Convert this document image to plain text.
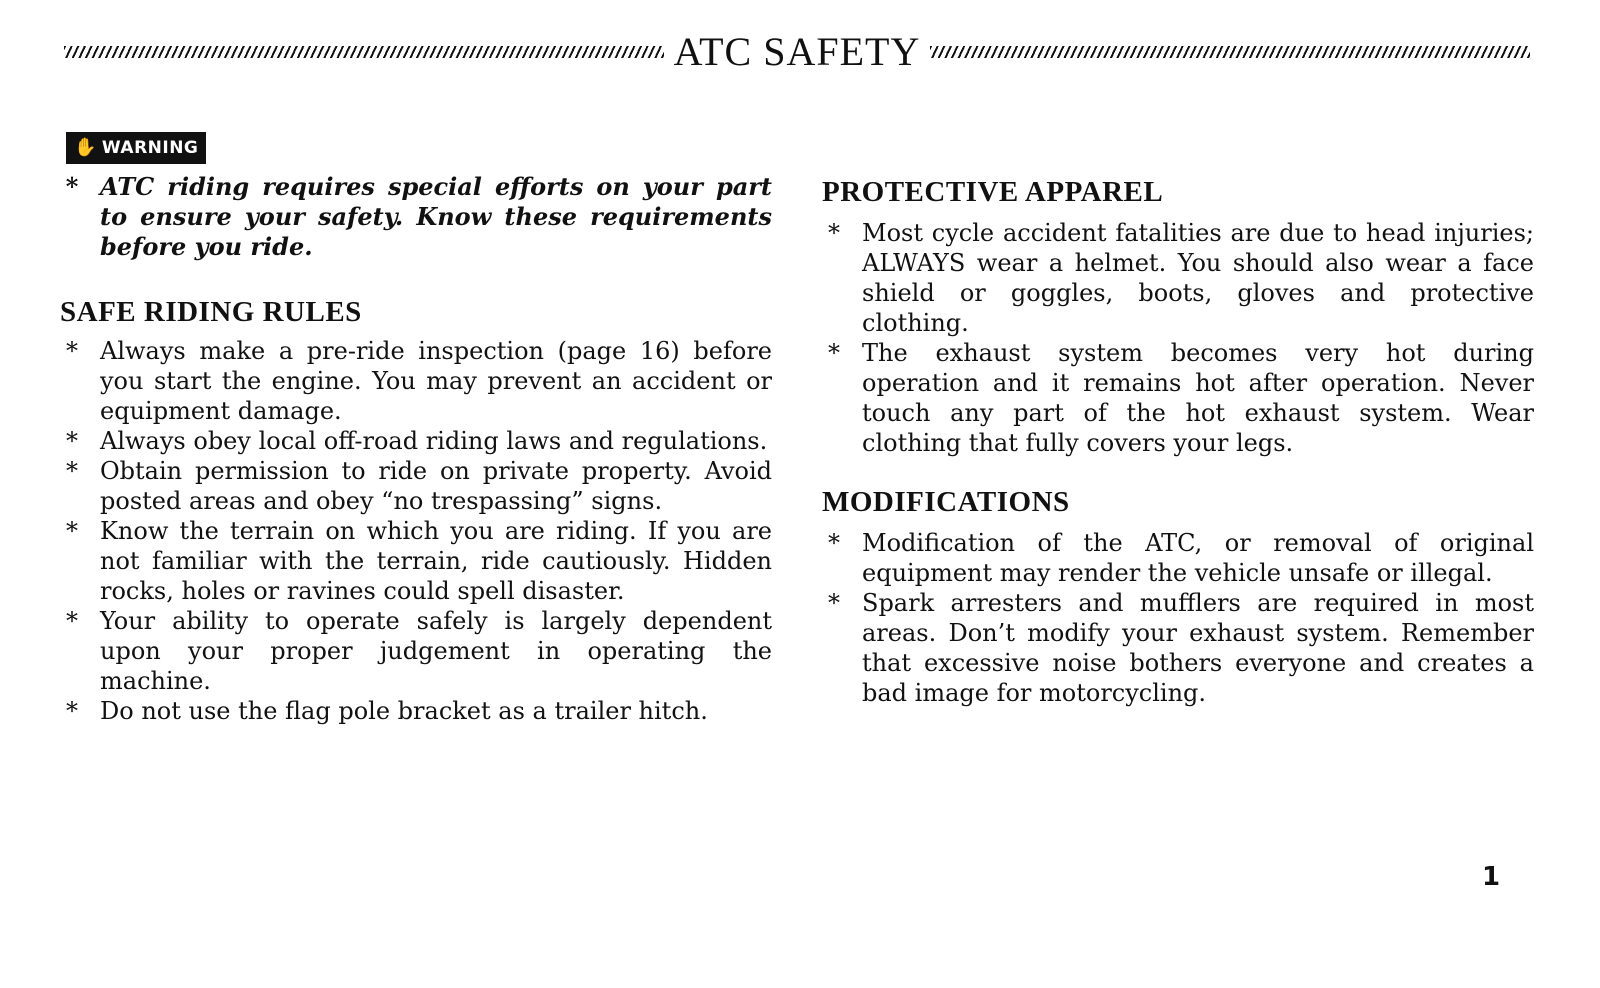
ATC SAFETY
✋ WARNING

* ATC riding requires special efforts on your part to ensure your safety. Know these requirements before you ride.

SAFE RIDING RULES

* Always make a pre-ride inspection (page 16) before you start the engine. You may prevent an accident or equipment damage.

* Always obey local off-road riding laws and regulations.

* Obtain permission to ride on private property. Avoid posted areas and obey “no trespassing” signs.

* Know the terrain on which you are riding. If you are not familiar with the terrain, ride cautiously. Hidden rocks, holes or ravines could spell disaster.

* Your ability to operate safely is largely dependent upon your proper judgement in operating the machine.

* Do not use the flag pole bracket as a trailer hitch.

PROTECTIVE APPAREL

* Most cycle accident fatalities are due to head injuries; ALWAYS wear a helmet. You should also wear a face shield or goggles, boots, gloves and protective clothing.

* The exhaust system becomes very hot during operation and it remains hot after operation. Never touch any part of the hot exhaust system. Wear clothing that fully covers your legs.

MODIFICATIONS

* Modification of the ATC, or removal of original equipment may render the vehicle unsafe or illegal.

* Spark arresters and mufflers are required in most areas. Don’t modify your exhaust system. Remember that excessive noise bothers everyone and creates a bad image for motorcycling.

1
